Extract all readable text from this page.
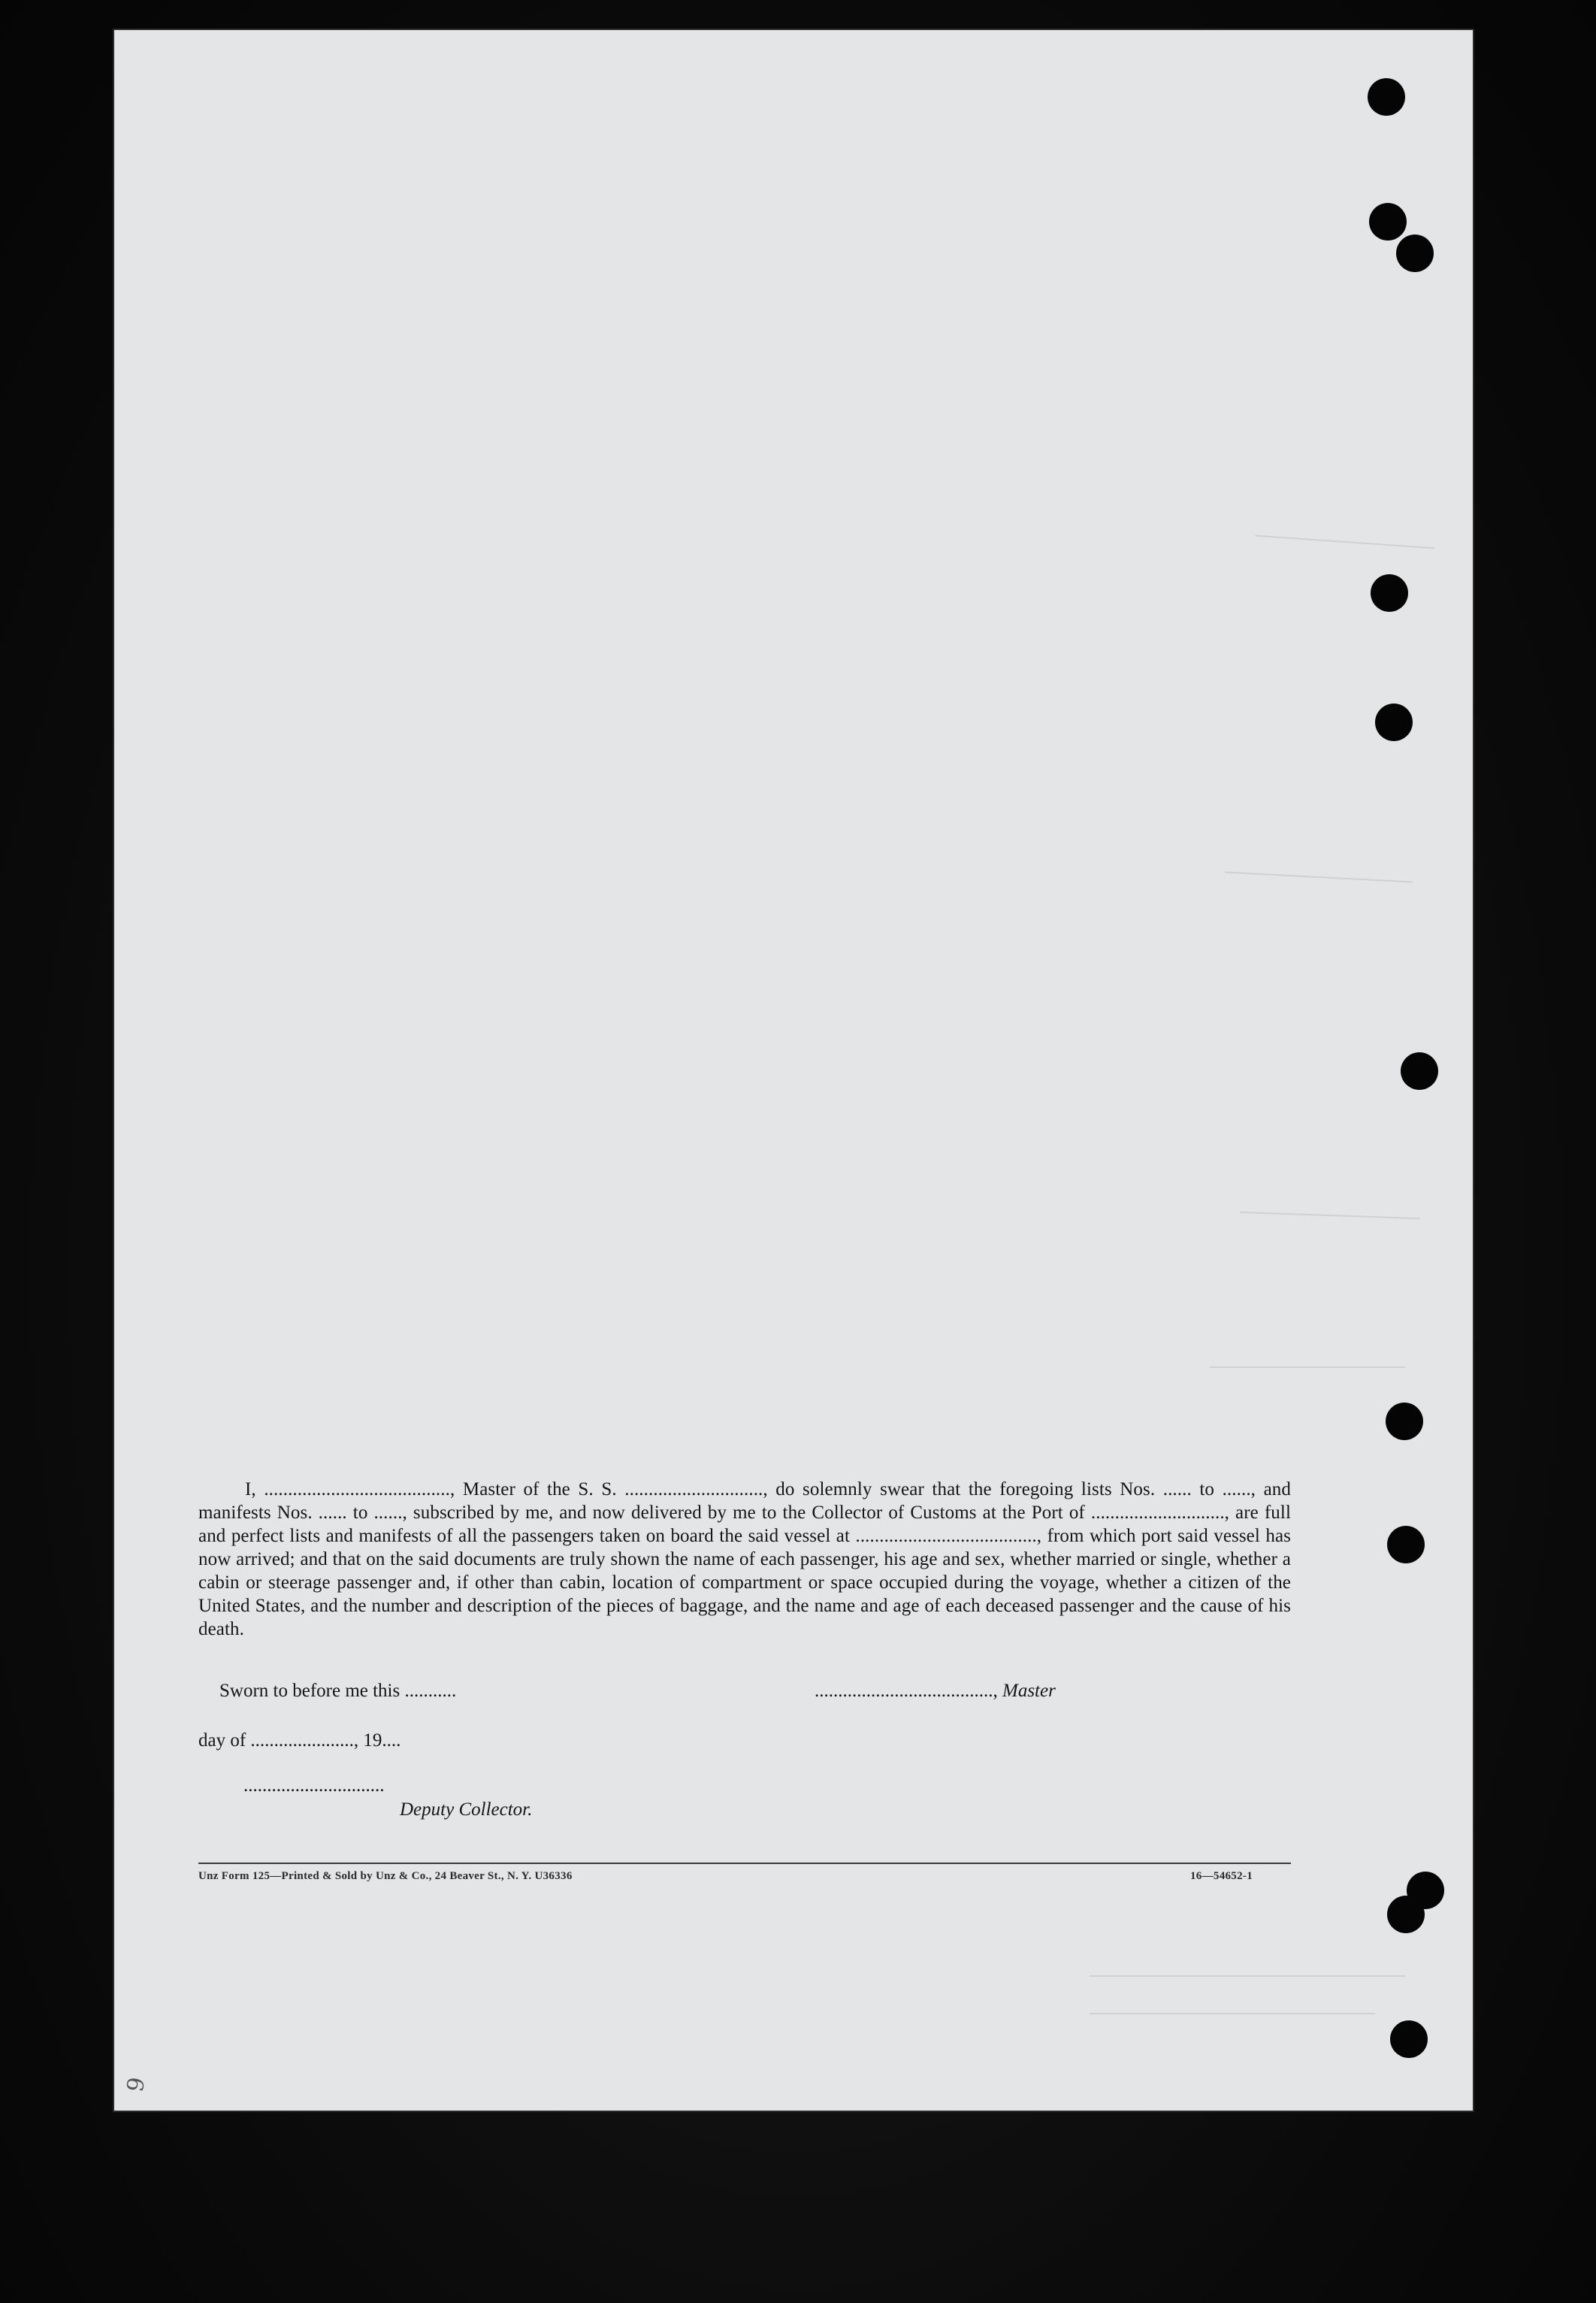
I, ......................................., Master of the S. S. ............................., do solemnly swear that the foregoing lists Nos. ...... to ......, and manifests Nos. ...... to ......, subscribed by me, and now delivered by me to the Collector of Customs at the Port of ............................, are full and perfect lists and manifests of all the passengers taken on board the said vessel at ......................................, from which port said vessel has now arrived; and that on the said documents are truly shown the name of each passenger, his age and sex, whether married or single, whether a cabin or steerage passenger and, if other than cabin, location of compartment or space occupied during the voyage, whether a citizen of the United States, and the number and description of the pieces of baggage, and the name and age of each deceased passenger and the cause of his death.

Sworn to before me this ...........	......................................, Master
day of ......................, 19....
..............................
Deputy Collector.
Unz Form 125—Printed & Sold by Unz & Co., 24 Beaver St., N. Y. U36336	16—54652-1
9
